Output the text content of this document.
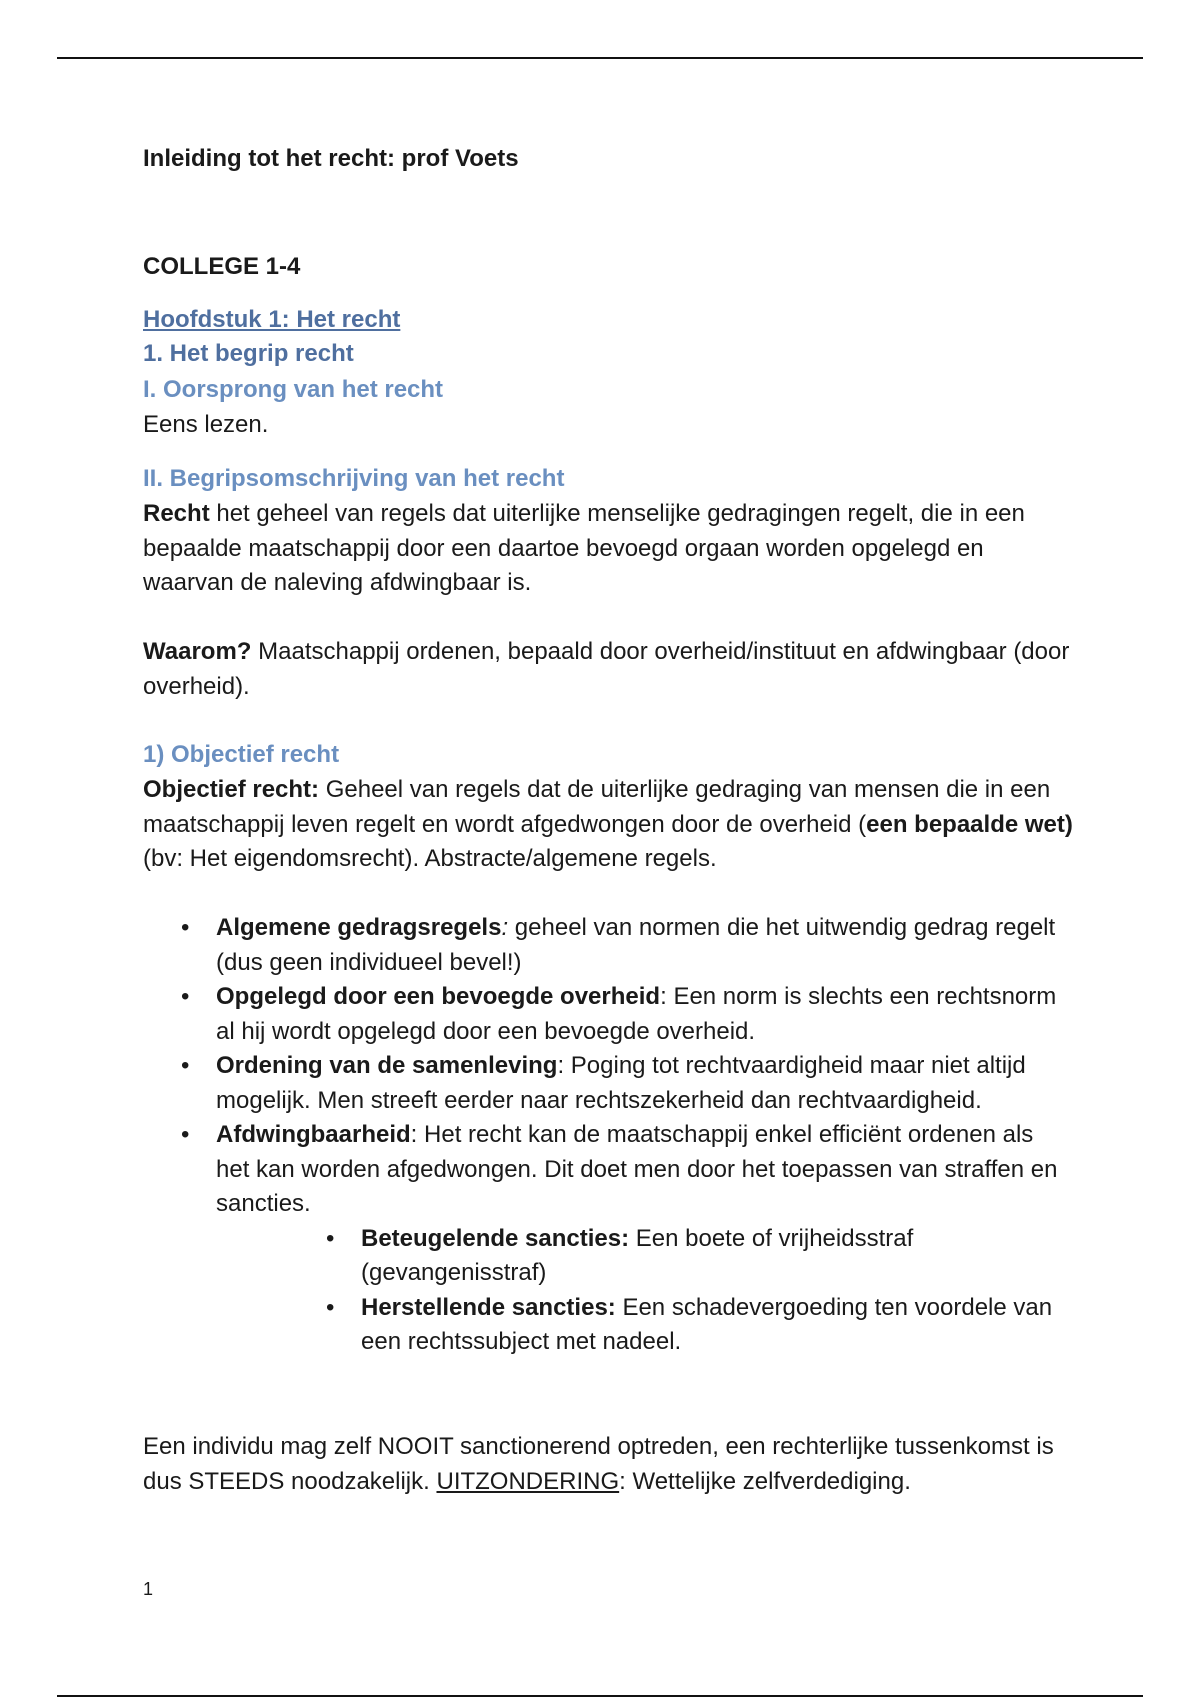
Inleiding tot het recht: prof Voets
COLLEGE 1-4
Hoofdstuk 1: Het recht
1. Het begrip recht
I. Oorsprong van het recht
Eens lezen.
II. Begripsomschrijving van het recht

Recht het geheel van regels dat uiterlijke menselijke gedragingen regelt, die in een bepaalde maatschappij door een daartoe bevoegd orgaan worden opgelegd en waarvan de naleving afdwingbaar is.

Waarom? Maatschappij ordenen, bepaald door overheid/instituut en afdwingbaar (door overheid).

1) Objectief recht

Objectief recht: Geheel van regels dat de uiterlijke gedraging van mensen die in een maatschappij leven regelt en wordt afgedwongen door de overheid (een bepaalde wet) (bv: Het eigendomsrecht). Abstracte/algemene regels.

• Algemene gedragsregels: geheel van normen die het uitwendig gedrag regelt (dus geen individueel bevel!)
• Opgelegd door een bevoegde overheid: Een norm is slechts een rechtsnorm al hij wordt opgelegd door een bevoegde overheid.
• Ordening van de samenleving: Poging tot rechtvaardigheid maar niet altijd mogelijk. Men streeft eerder naar rechtszekerheid dan rechtvaardigheid.
• Afdwingbaarheid: Het recht kan de maatschappij enkel efficiënt ordenen als het kan worden afgedwongen. Dit doet men door het toepassen van straffen en sancties.
• Beteugelende sancties: Een boete of vrijheidsstraf (gevangenisstraf)
• Herstellende sancties: Een schadevergoeding ten voordele van een rechtssubject met nadeel.

Een individu mag zelf NOOIT sanctionerend optreden, een rechterlijke tussenkomst is dus STEEDS noodzakelijk. UITZONDERING: Wettelijke zelfverdediging.

1
